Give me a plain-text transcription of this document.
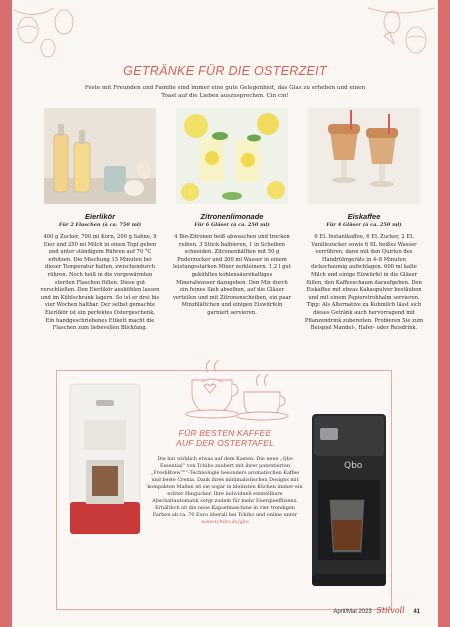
GETRÄNKE FÜR DIE OSTERZEIT
Feste mit Freunden und Familie sind immer eine gute Gelegenheit, das Glas zu erheben und einen Toast auf die Lieben auszusprechen. Cin cin!
Eierlikör
Für 2 Flaschen (à ca. 750 ml)
400 g Zucker, 700 ml Korn, 200 g Sahne, 9 Eier und 250 ml Milch in einen Topf geben und unter ständigem Rühren auf 70 °C erhitzen. Die Mischung 15 Minuten bei dieser Temperatur halten, zwischendurch rühren. Noch heiß in die vorgewärmten sterilen Flaschen füllen. Diese gut verschließen. Den Eierlikör auskühlen lassen und im Kühlschrank lagern. So ist er drei bis vier Wochen haltbar. Der selbst gemachte Eierlikör ist ein perfektes Ostergeschenk. Ein handgeschriebenes Etikett macht die Flaschen zum liebevollen Blickfang.
Zitronenlimonade
Für 6 Gläser (à ca. 250 ml)
4 Bio-Zitronen heiß abwaschen und trocken reiben. 3 Stück halbieren, 1 in Scheiben schneiden. Zitronenhälften mit 50 g Puderzucker und 300 ml Wasser in einem leistungsstarken Mixer zerkleinern. 1,2 l gut gekühltes kohlensäurehaltiges Mineralwasser dazugeben. Den Mix durch ein feines Sieb abseihen, auf die Gläser verteilen und mit Zitronenscheiben, ein paar Minzblättchen und einigen Eiswürfeln garniert servieren.
Eiskaffee
Für 4 Gläser (à ca. 250 ml)
6 EL Instantkaffee, 6 EL Zucker, 2 EL Vanillezucker sowie 6 EL heißes Wasser verrühren, dann mit den Quirlen des Handrührgeräts in 4–8 Minuten dickschaumig aufschlagen. 600 ml kalte Milch und einige Eiswürfel in die Gläser füllen, den Kaffeeschaum daraufgeben. Den Eiskaffee mit etwas Kakaopulver bestäuben und mit einem Papierstrohhalm servieren. Tipp: Als Alternative zu Kuhmilch lässt sich dieses Getränk auch hervorragend mit Pflanzendrink zubereiten. Probieren Sie zum Beispiel Mandel-, Hafer- oder Reisdrink.
FÜR BESTEN KAFFEE
AUF DER OSTERTAFEL
Die hat wirklich etwas auf dem Kasten: Die neue „Qbo Essential“ von Tchibo zaubert mit ihrer patentierten „FreshBrew™“-Technologie besonders aromatischen Kaffee und beste Crema. Dank ihres minimalistischen Designs mit kompakten Maßen ist sie sogar in kleinsten Küchen immer ein echter Hingucker. Ihre individuell einstellbare Abschaltautomatik sorgt zudem für mehr Energieeffizienz. Erhältlich ist die neue Kapselmaschine in vier trendigen Farben ab ca. 70 Euro überall bei Tchibo und online unter www.tchibo.de/qbo
Qbo
April/Mai 2023 Stilvoll 41
